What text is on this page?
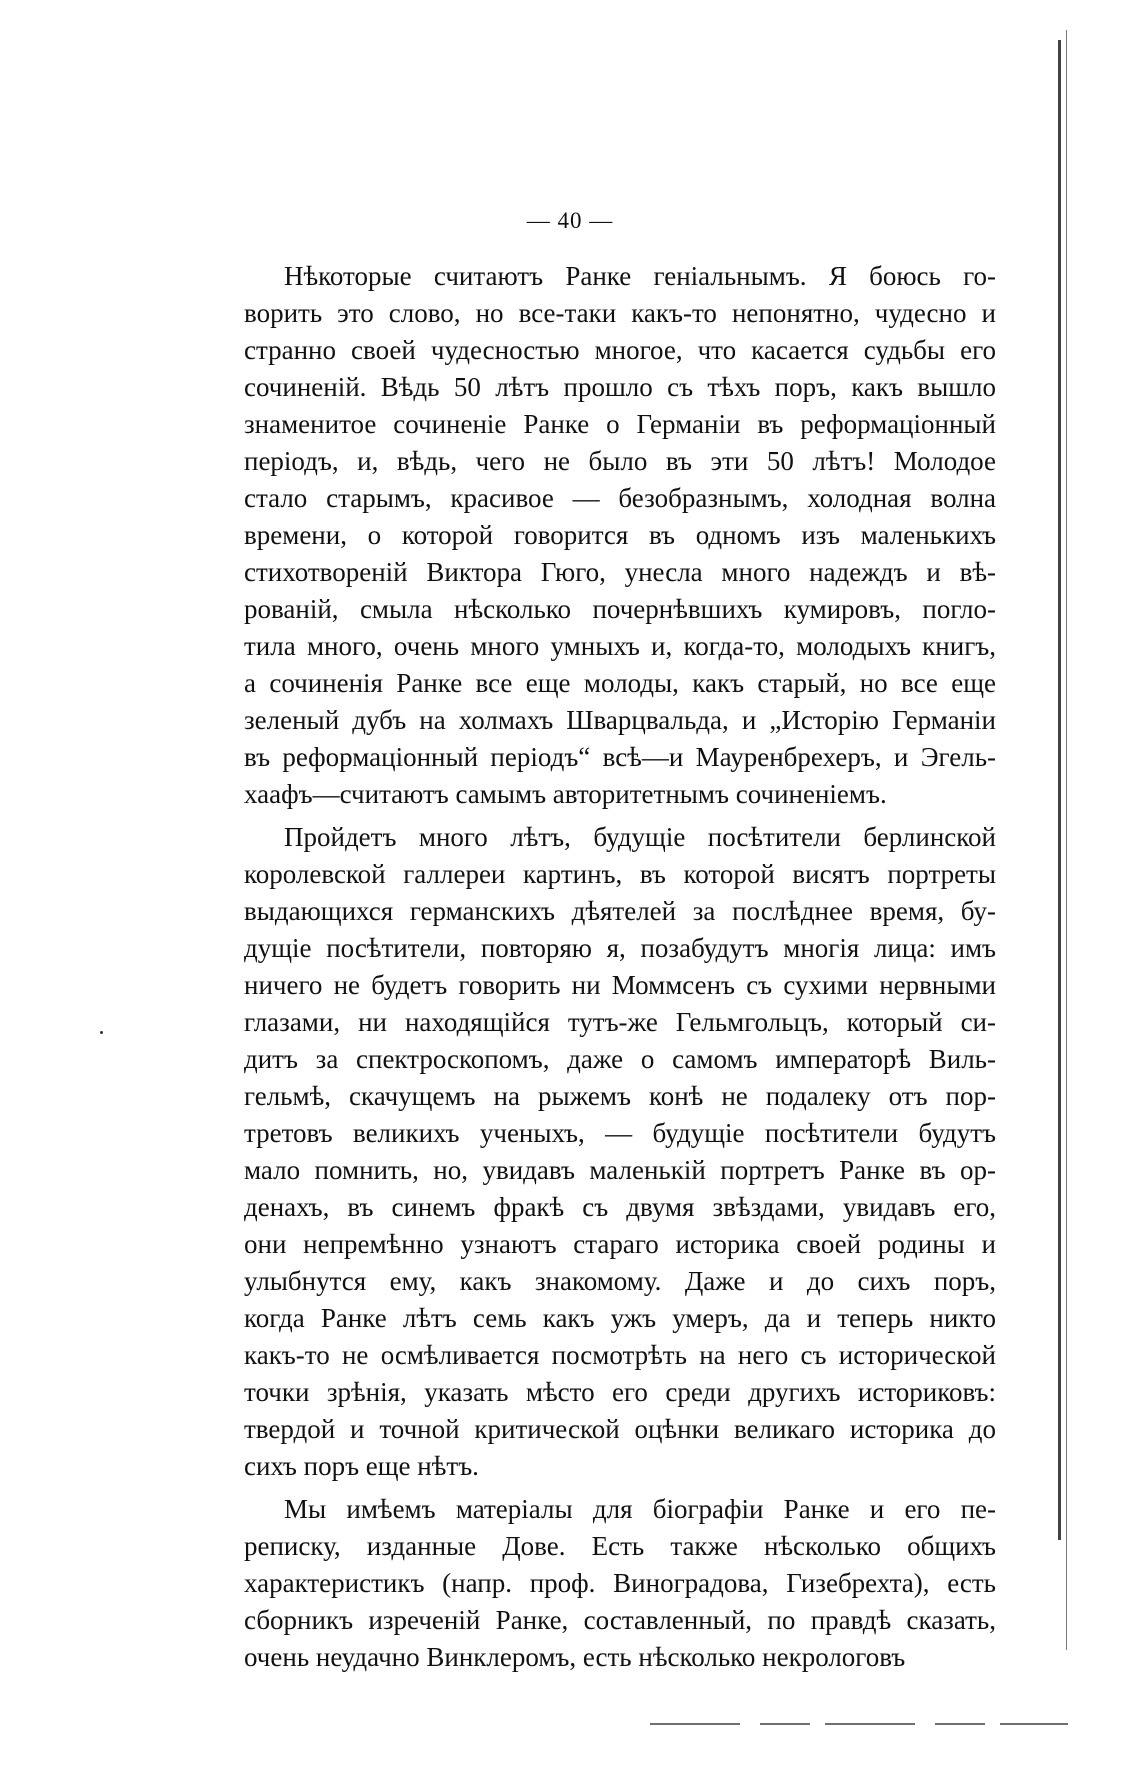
— 40 —
Нѣкоторые считаютъ Ранке геніальнымъ. Я боюсь го-
ворить это слово, но все-таки какъ-то непонятно, чудесно и
странно своей чудесностью многое, что касается судьбы его
сочиненій. Вѣдь 50 лѣтъ прошло съ тѣхъ поръ, какъ вышло
знаменитое сочиненіе Ранке о Германіи въ реформаціонный
періодъ, и, вѣдь, чего не было въ эти 50 лѣтъ! Молодое
стало старымъ, красивое — безобразнымъ, холодная волна
времени, о которой говорится въ одномъ изъ маленькихъ
стихотвореній Виктора Гюго, унесла много надеждъ и вѣ-
рованій, смыла нѣсколько почернѣвшихъ кумировъ, погло-
тила много, очень много умныхъ и, когда-то, молодыхъ книгъ,
а сочиненія Ранке все еще молоды, какъ старый, но все еще
зеленый дубъ на холмахъ Шварцвальда, и „Исторію Германіи
въ реформаціонный періодъ“ всѣ—и Мауренбрехеръ, и Эгель-
хаафъ—считаютъ самымъ авторитетнымъ сочиненіемъ.
Пройдетъ много лѣтъ, будущіе посѣтители берлинской
королевской галлереи картинъ, въ которой висятъ портреты
выдающихся германскихъ дѣятелей за послѣднее время, бу-
дущіе посѣтители, повторяю я, позабудутъ многія лица: имъ
ничего не будетъ говорить ни Моммсенъ съ сухими нервными
глазами, ни находящійся тутъ-же Гельмгольцъ, который си-
дитъ за спектроскопомъ, даже о самомъ императорѣ Виль-
гельмѣ, скачущемъ на рыжемъ конѣ не подалеку отъ пор-
третовъ великихъ ученыхъ, — будущіе посѣтители будутъ
мало помнить, но, увидавъ маленькій портретъ Ранке въ ор-
денахъ, въ синемъ фракѣ съ двумя звѣздами, увидавъ его,
они непремѣнно узнаютъ стараго историка своей родины и
улыбнутся ему, какъ знакомому. Даже и до сихъ поръ,
когда Ранке лѣтъ семь какъ ужъ умеръ, да и теперь никто
какъ-то не осмѣливается посмотрѣть на него съ исторической
точки зрѣнія, указать мѣсто его среди другихъ историковъ:
твердой и точной критической оцѣнки великаго историка до
сихъ поръ еще нѣтъ.
Мы имѣемъ матеріалы для біографіи Ранке и его пе-
реписку, изданные Дове. Есть также нѣсколько общихъ
характеристикъ (напр. проф. Виноградова, Гизебрехта), есть
сборникъ изреченій Ранке, составленный, по правдѣ сказать,
очень неудачно Винклеромъ, есть нѣсколько некрологовъ
